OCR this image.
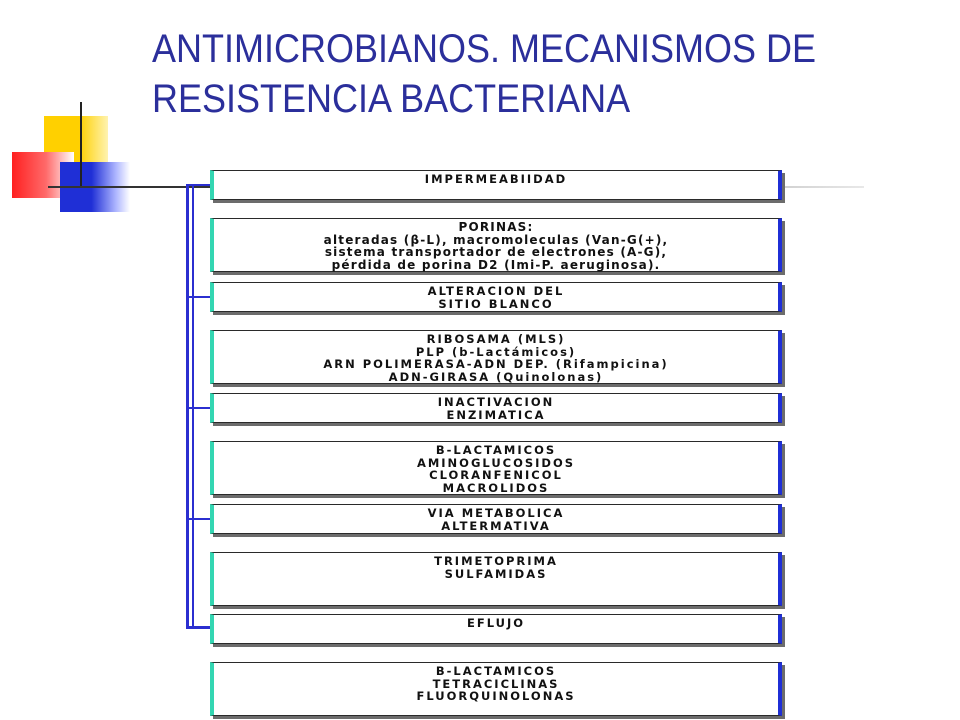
ANTIMICROBIANOS. MECANISMOS DE
RESISTENCIA BACTERIANA
IMPERMEABIIDAD
PORINAS:
alteradas (β-L), macromoleculas (Van-G(+),
sistema transportador de electrones (A-G),
pérdida de porina D2 (Imi-P. aeruginosa).
ALTERACION DEL
SITIO BLANCO
RIBOSAMA (MLS)
PLP (b-Lactámicos)
ARN POLIMERASA-ADN DEP. (Rifampicina)
ADN-GIRASA (Quinolonas)
INACTIVACION
ENZIMATICA
B-LACTAMICOS
AMINOGLUCOSIDOS
CLORANFENICOL
MACROLIDOS
VIA METABOLICA
ALTERMATIVA
TRIMETOPRIMA
SULFAMIDAS
EFLUJO
B-LACTAMICOS
TETRACICLINAS
FLUORQUINOLONAS
